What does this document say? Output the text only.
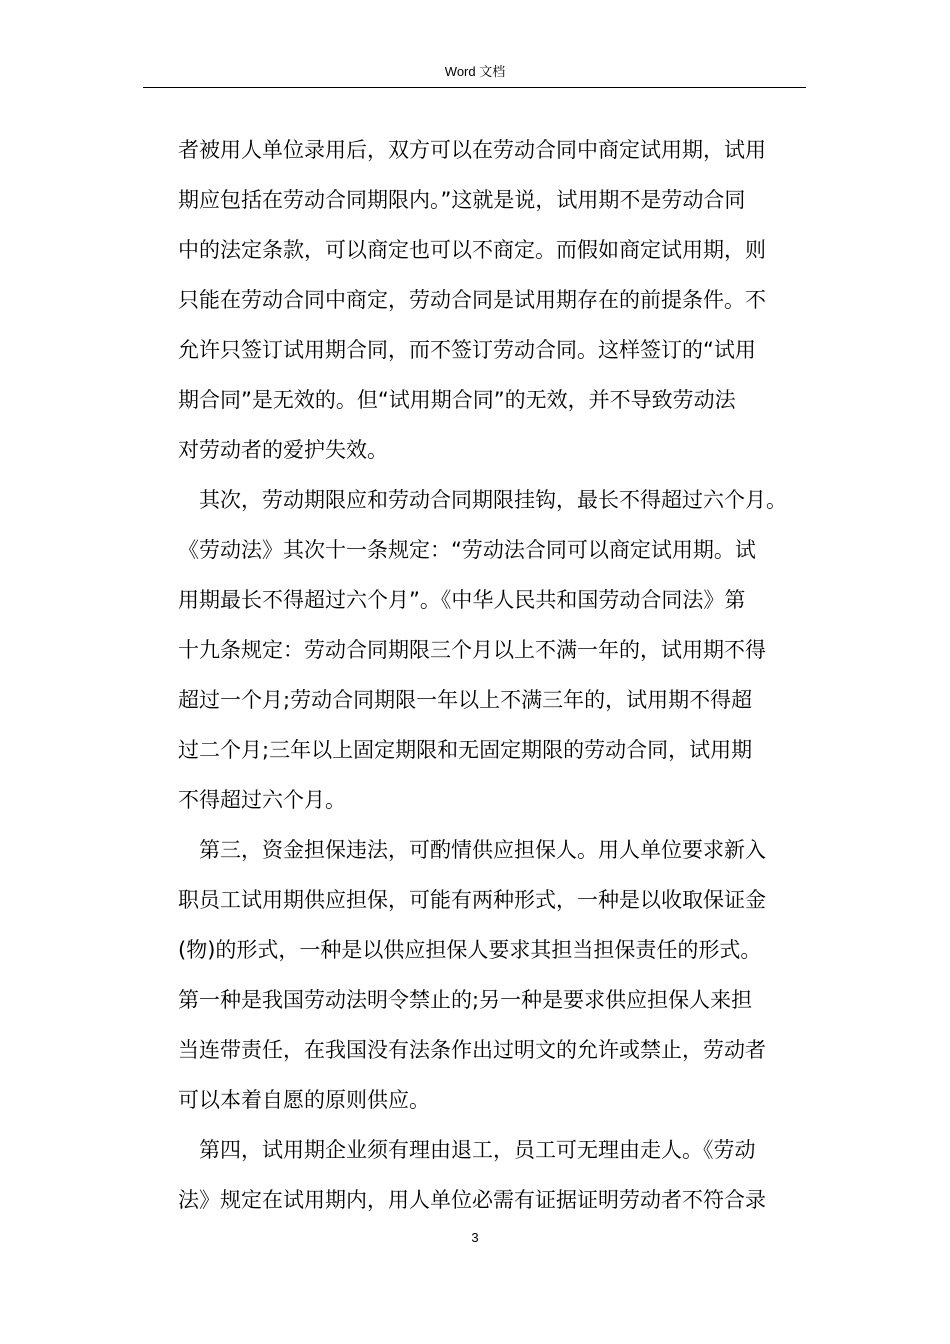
Word 文档
者被用人单位录用后，双方可以在劳动合同中商定试用期，试用
期应包括在劳动合同期限内。”这就是说，试用期不是劳动合同
中的法定条款，可以商定也可以不商定。而假如商定试用期，则
只能在劳动合同中商定，劳动合同是试用期存在的前提条件。不
允许只签订试用期合同，而不签订劳动合同。这样签订的“试用
期合同”是无效的。但“试用期合同”的无效，并不导致劳动法
对劳动者的爱护失效。
其次，劳动期限应和劳动合同期限挂钩，最长不得超过六个月。
《劳动法》其次十一条规定：“劳动法合同可以商定试用期。试
用期最长不得超过六个月”。《中华人民共和国劳动合同法》第
十九条规定：劳动合同期限三个月以上不满一年的，试用期不得
超过一个月;劳动合同期限一年以上不满三年的，试用期不得超
过二个月;三年以上固定期限和无固定期限的劳动合同，试用期
不得超过六个月。
第三，资金担保违法，可酌情供应担保人。用人单位要求新入
职员工试用期供应担保，可能有两种形式，一种是以收取保证金
(物)的形式，一种是以供应担保人要求其担当担保责任的形式。
第一种是我国劳动法明令禁止的;另一种是要求供应担保人来担
当连带责任，在我国没有法条作出过明文的允许或禁止，劳动者
可以本着自愿的原则供应。
第四，试用期企业须有理由退工，员工可无理由走人。《劳动
法》规定在试用期内，用人单位必需有证据证明劳动者不符合录
3
